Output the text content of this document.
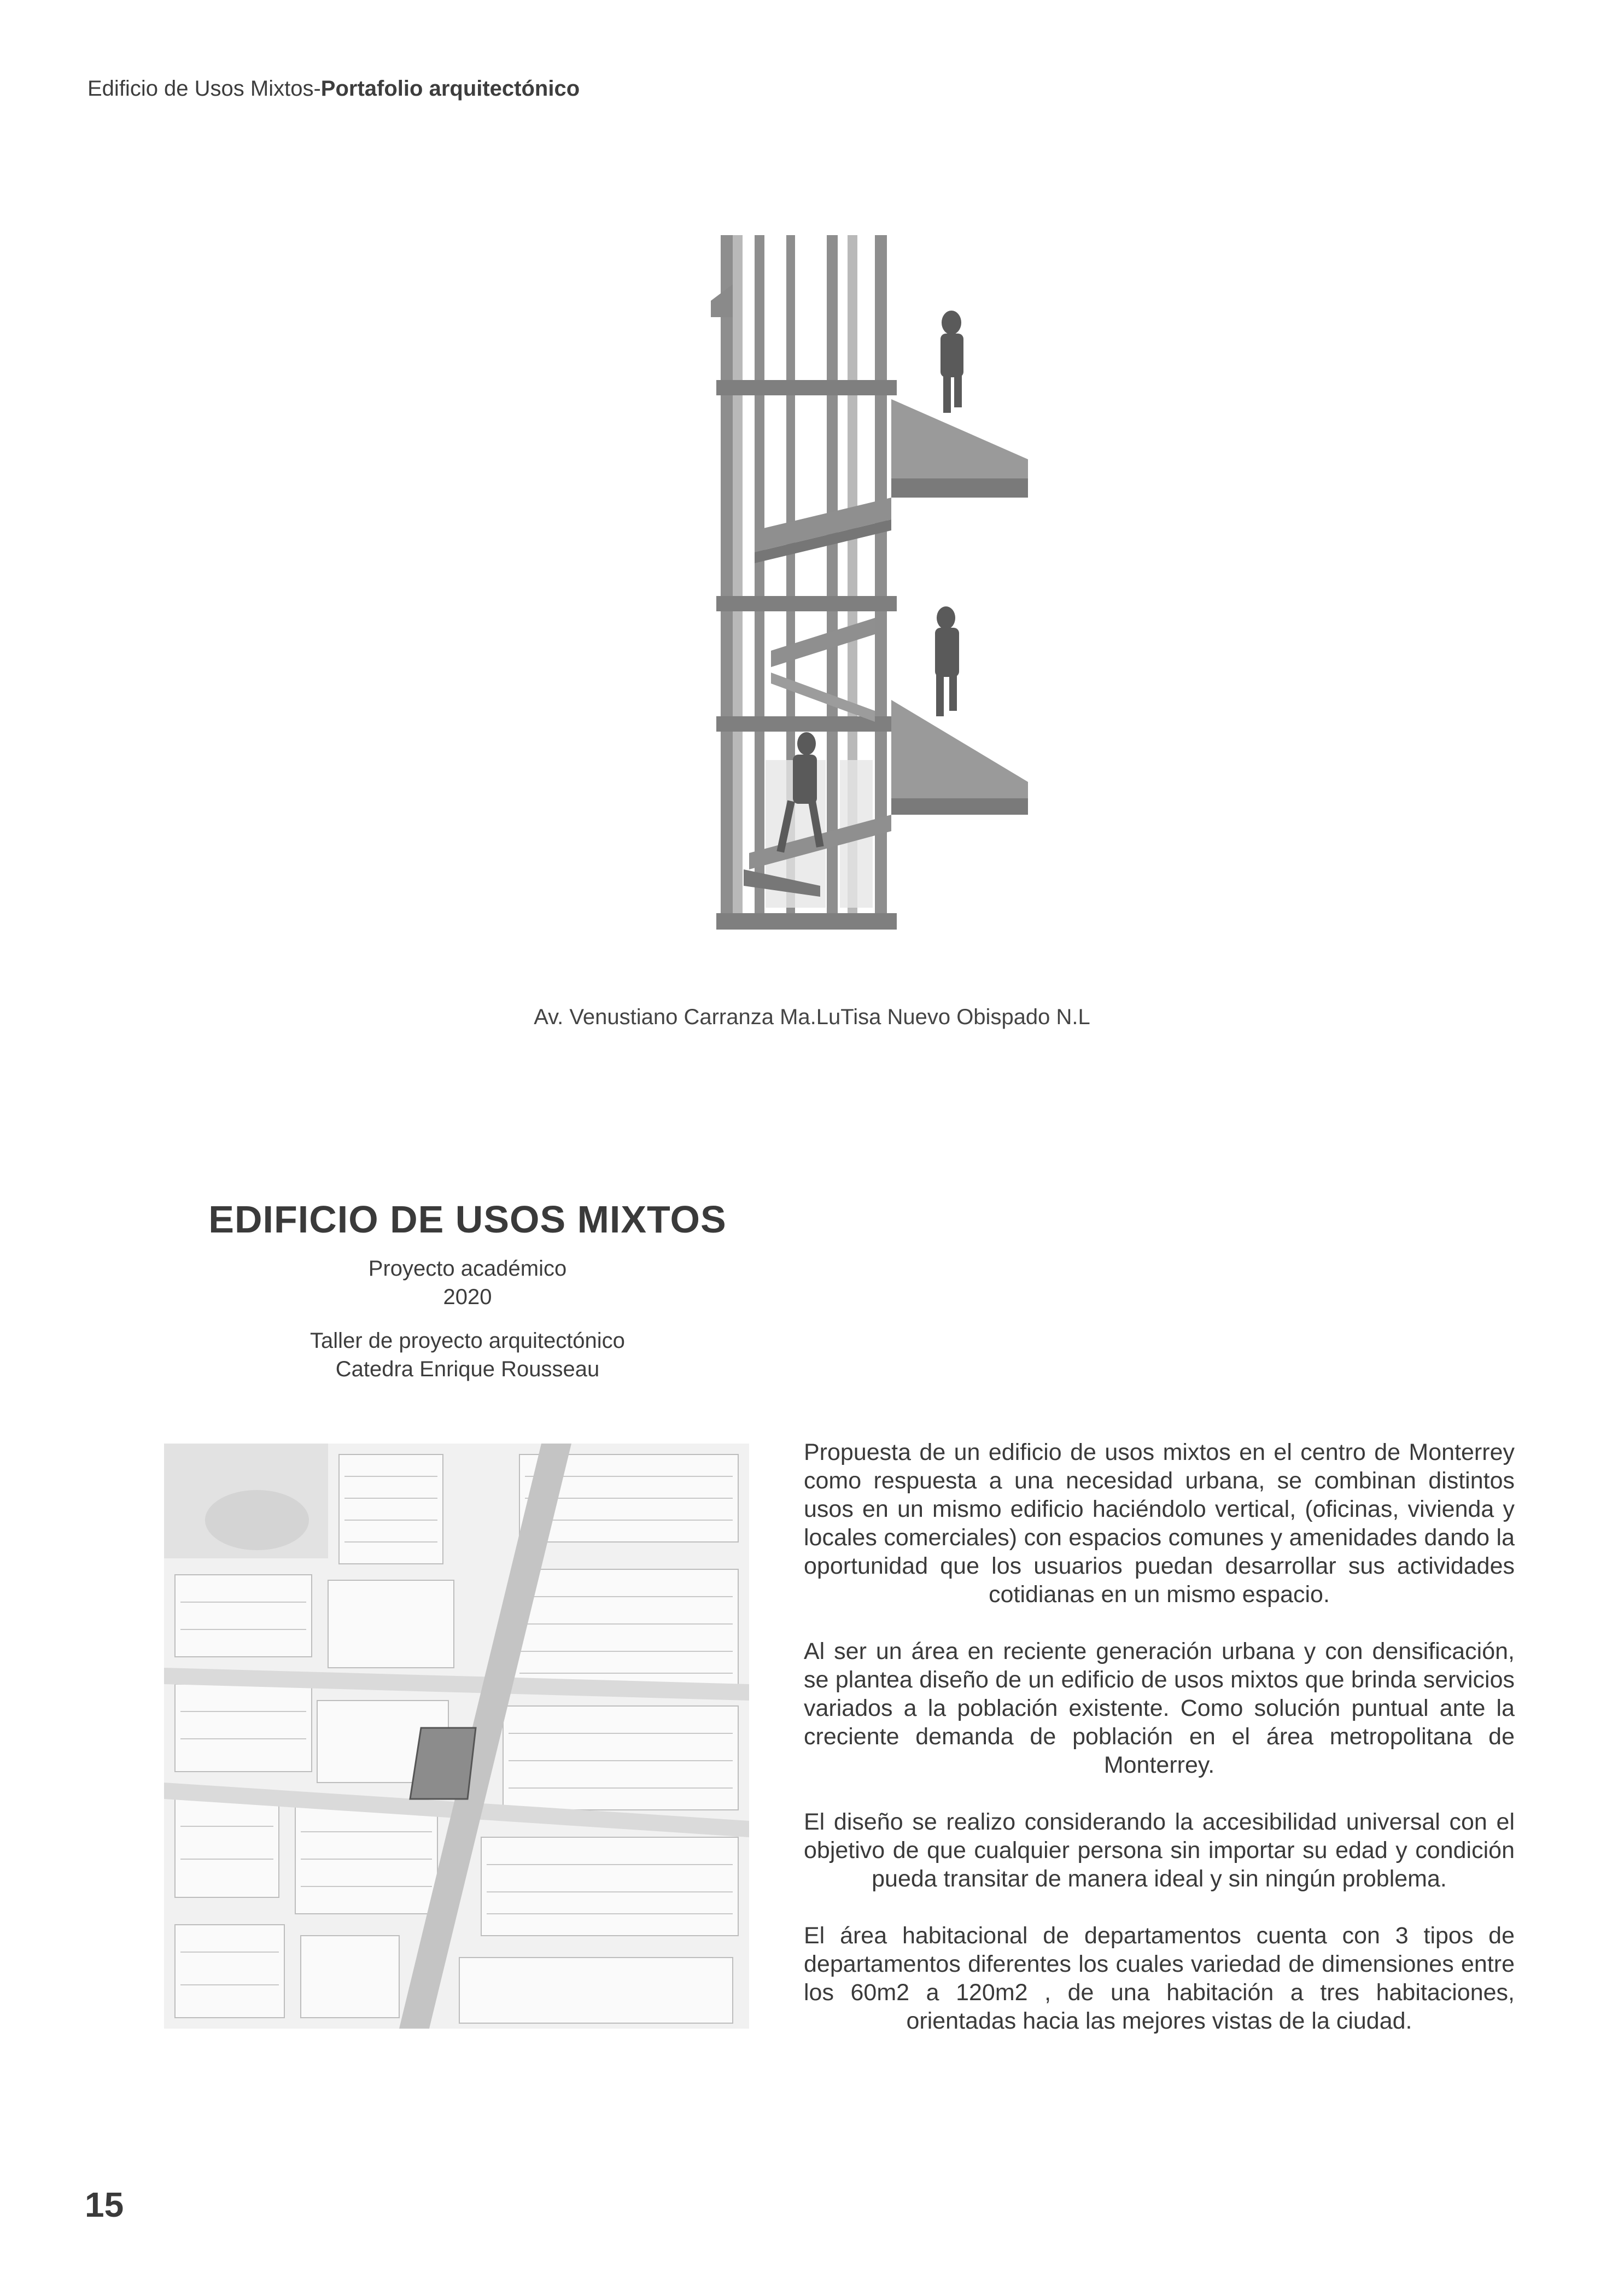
Edificio de Usos Mixtos-Portafolio arquitectónico
Av. Venustiano Carranza Ma.LuTisa Nuevo Obispado N.L
EDIFICIO DE USOS MIXTOS
Proyecto académico
2020
Taller de proyecto arquitectónico
Catedra Enrique Rousseau

Propuesta de un edificio de usos mixtos en el centro de Monterrey como respuesta a una necesidad urbana, se combinan distintos usos en un mismo edificio haciéndolo vertical, (oficinas, vivienda y locales comerciales) con espacios comunes y amenidades dando la oportunidad que los usuarios puedan desarrollar sus actividades cotidianas en un mismo espacio.

Al ser un área en reciente generación urbana y con densificación, se plantea diseño de un edificio de usos mixtos que brinda servicios variados a la población existente. Como solución puntual ante la creciente demanda de población en el área metropolitana de Monterrey.

El diseño se realizo considerando la accesibilidad universal con el objetivo de que cualquier persona sin importar su edad y condición pueda transitar de manera ideal y sin ningún problema.

El área habitacional de departamentos cuenta con 3 tipos de departamentos diferentes los cuales variedad de dimensiones entre los 60m2 a 120m2 , de una habitación a tres habitaciones, orientadas hacia las mejores vistas de la ciudad.

15
